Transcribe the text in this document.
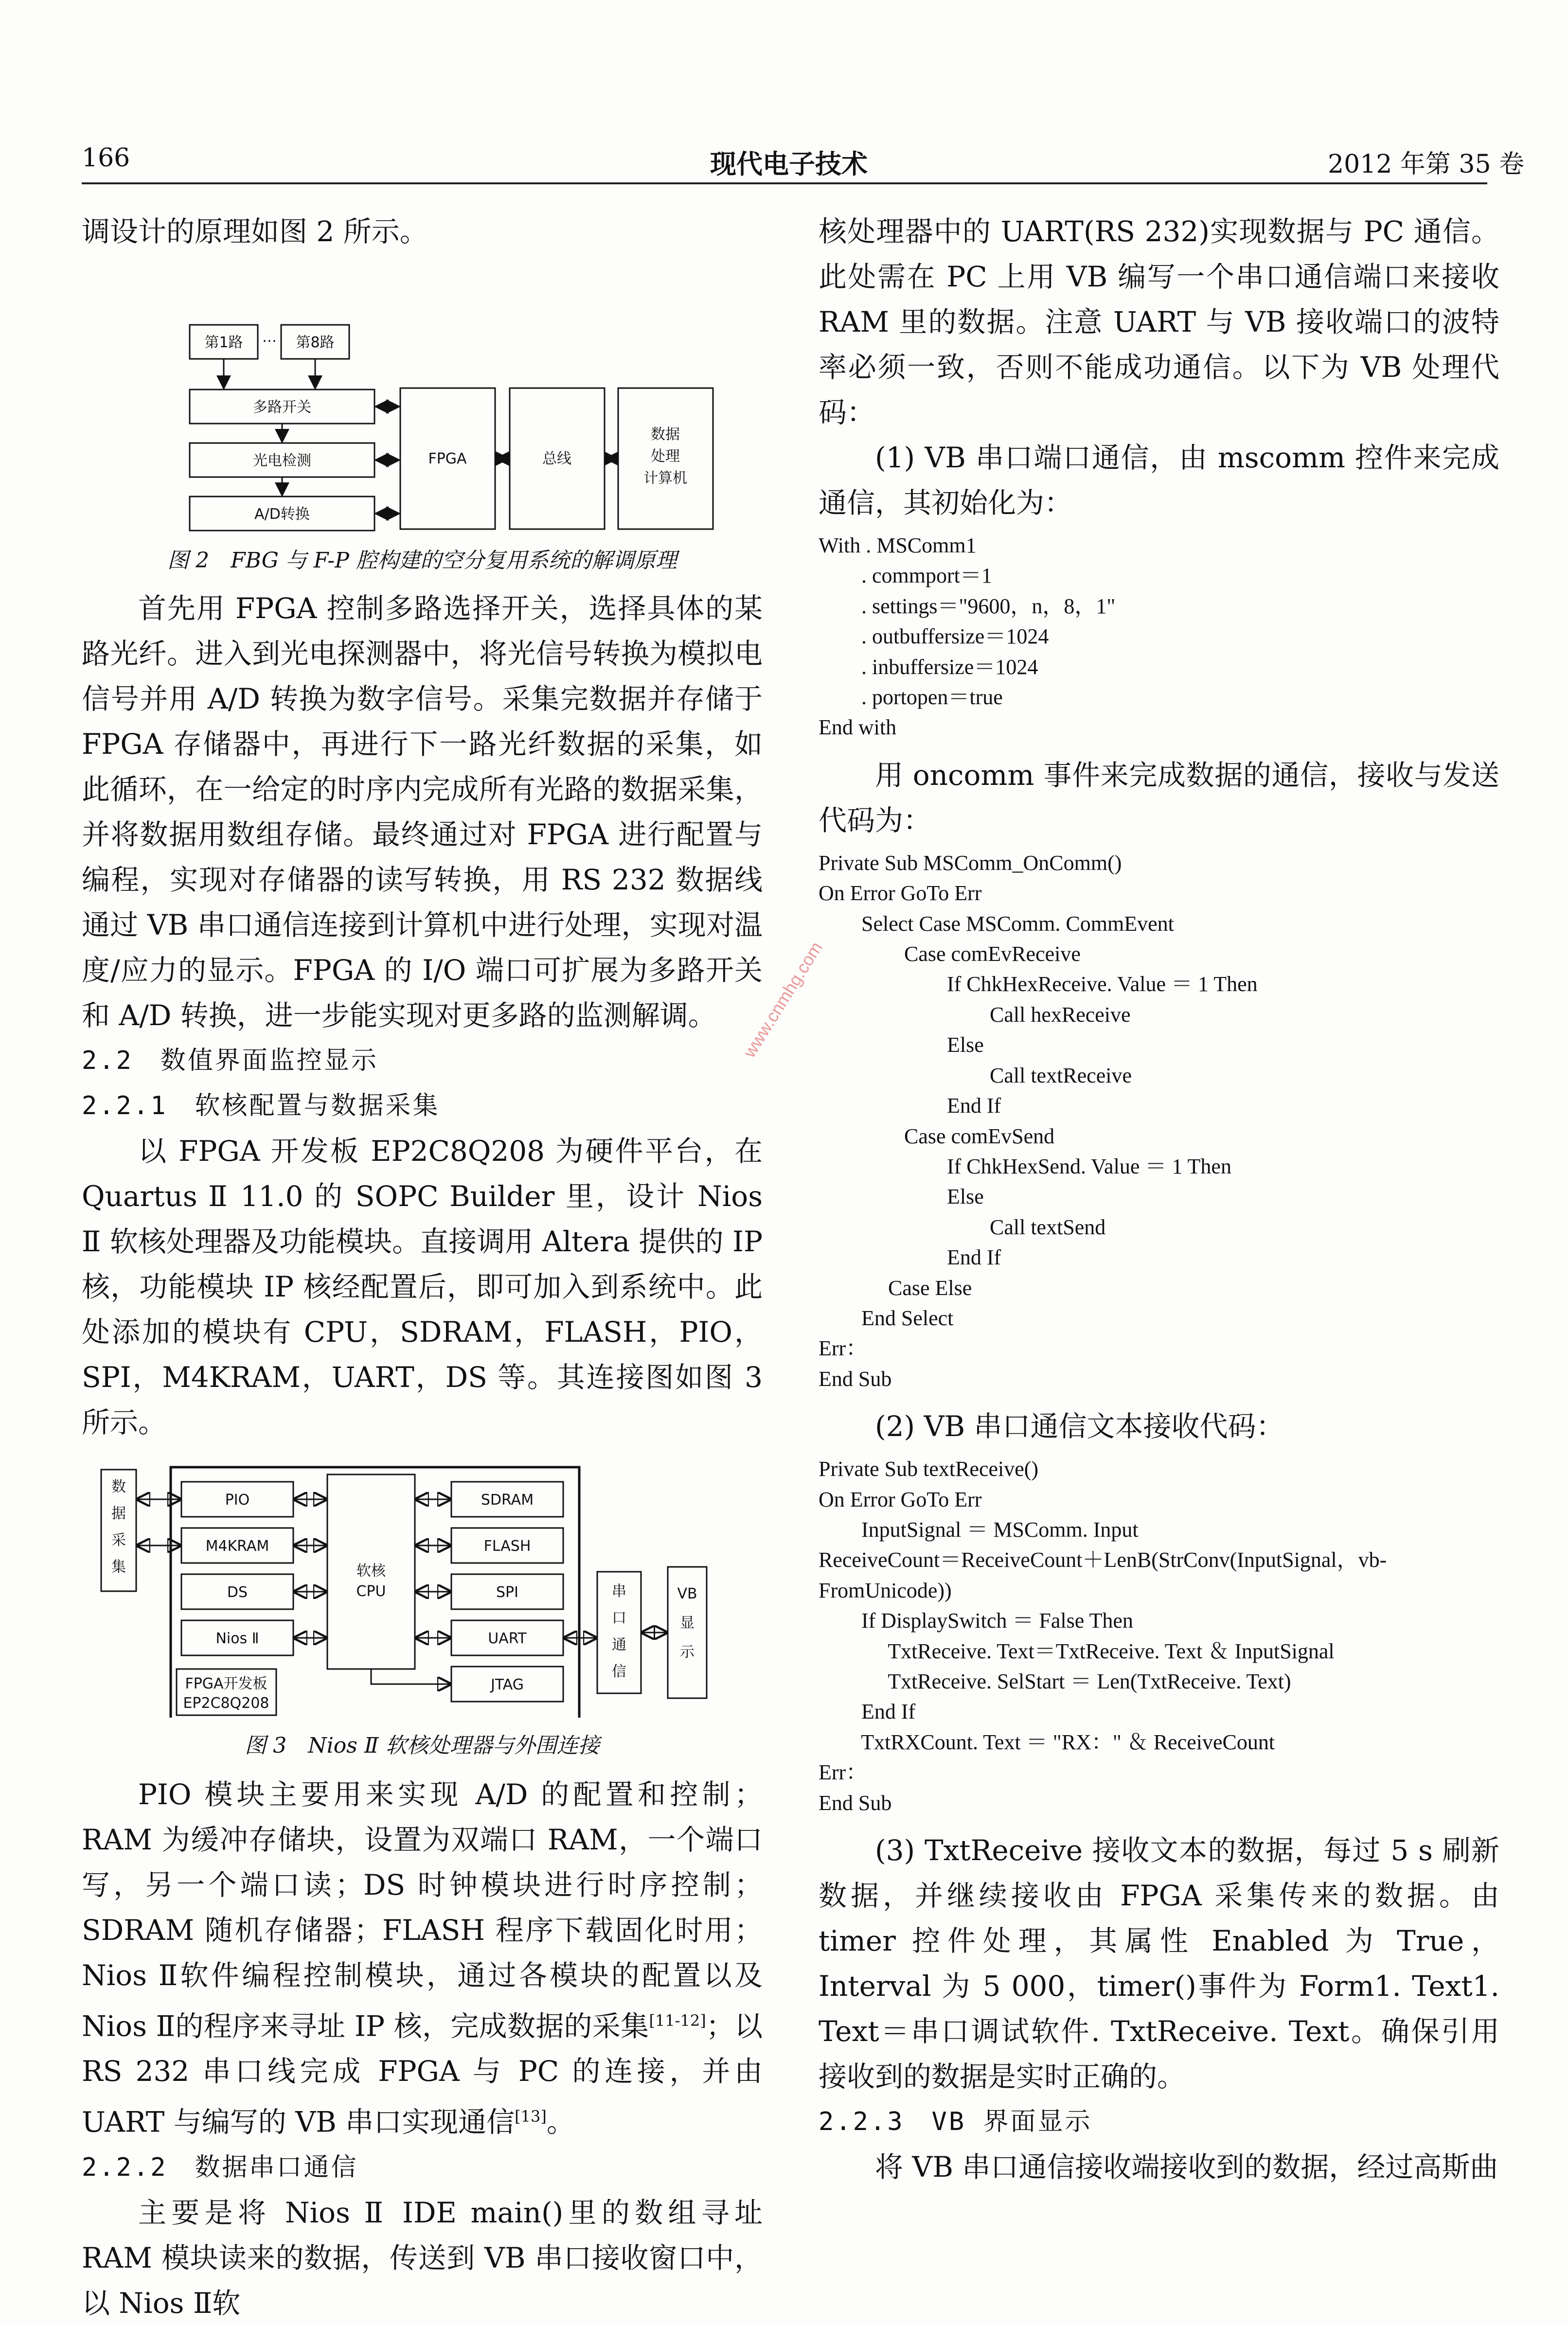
166	现代电子技术	2012 年第 35 卷

调设计的原理如图 2 所示。

第1路 … 第8路
多路开关
光电检测
A/D转换
FPGA	总线
数据
处理
计算机
图 2　FBG 与 F-P 腔构建的空分复用系统的解调原理

首先用 FPGA 控制多路选择开关，选择具体的某路光纤。进入到光电探测器中，将光信号转换为模拟电信号并用 A/D 转换为数字信号。采集完数据并存储于 FPGA 存储器中，再进行下一路光纤数据的采集，如此循环，在一给定的时序内完成所有光路的数据采集，并将数据用数组存储。最终通过对 FPGA 进行配置与编程，实现对存储器的读写转换，用 RS 232 数据线通过 VB 串口通信连接到计算机中进行处理，实现对温度/应力的显示。FPGA 的 I/O 端口可扩展为多路开关和 A/D 转换，进一步能实现对更多路的监测解调。

2.2　数值界面监控显示

2.2.1　软核配置与数据采集

以 FPGA 开发板 EP2C8Q208 为硬件平台，在 Quartus Ⅱ 11.0 的 SOPC Builder 里，设计 Nios Ⅱ 软核处理器及功能模块。直接调用 Altera 提供的 IP 核，功能模块 IP 核经配置后，即可加入到系统中。此处添加的模块有 CPU，SDRAM，FLASH，PIO，SPI，M4KRAM，UART，DS 等。其连接图如图 3 所示。

数
据
采
集
PIO
M4KRAM
DS
Nios Ⅱ
软核
CPU
SDRAM
FLASH
SPI
UART
JTAG
FPGA开发板
EP2C8Q208
串
口
通
信
VB
显
示
图 3　Nios Ⅱ 软核处理器与外围连接

PIO 模块主要用来实现 A/D 的配置和控制；RAM 为缓冲存储块，设置为双端口 RAM，一个端口写，另一个端口读；DS 时钟模块进行时序控制；SDRAM 随机存储器；FLASH 程序下载固化时用；Nios Ⅱ软件编程控制模块，通过各模块的配置以及 Nios Ⅱ的程序来寻址 IP 核，完成数据的采集[11-12]；以 RS 232 串口线完成 FPGA 与 PC 的连接，并由 UART 与编写的 VB 串口实现通信[13]。

2.2.2　数据串口通信

主要是将 Nios Ⅱ IDE main()里的数组寻址 RAM 模块读来的数据，传送到 VB 串口接收窗口中，以 Nios Ⅱ软

核处理器中的 UART(RS 232)实现数据与 PC 通信。此处需在 PC 上用 VB 编写一个串口通信端口来接收 RAM 里的数据。注意 UART 与 VB 接收端口的波特率必须一致，否则不能成功通信。以下为 VB 处理代码：

(1) VB 串口端口通信，由 mscomm 控件来完成通信，其初始化为：

With . MSComm1
. commport＝1
. settings＝"9600，n，8，1"
. outbuffersize＝1024
. inbuffersize＝1024
. portopen＝true
End with

用 oncomm 事件来完成数据的通信，接收与发送代码为：

Private Sub MSComm_OnComm()
On Error GoTo Err
Select Case MSComm. CommEvent
Case comEvReceive
If ChkHexReceive. Value ＝ 1 Then
Call hexReceive
Else
Call textReceive
End If
Case comEvSend
If ChkHexSend. Value ＝ 1 Then
Else
Call textSend
End If
Case Else
End Select
Err：
End Sub

(2) VB 串口通信文本接收代码：

Private Sub textReceive()
On Error GoTo Err
InputSignal ＝ MSComm. Input
ReceiveCount＝ReceiveCount＋LenB(StrConv(InputSignal，vb-
FromUnicode))
If DisplaySwitch ＝ False Then
TxtReceive. Text＝TxtReceive. Text ＆ InputSignal
TxtReceive. SelStart ＝ Len(TxtReceive. Text)
End If
TxtRXCount. Text ＝ "RX：" ＆ ReceiveCount
Err：
End Sub

(3) TxtReceive 接收文本的数据，每过 5 s 刷新数据，并继续接收由 FPGA 采集传来的数据。由 timer 控件处理，其属性 Enabled 为 True，Interval 为 5 000，timer()事件为 Form1. Text1. Text＝串口调试软件. TxtReceive. Text。确保引用接收到的数据是实时正确的。

2.2.3　VB 界面显示

将 VB 串口通信接收端接收到的数据，经过高斯曲

www.cnmhg.com
